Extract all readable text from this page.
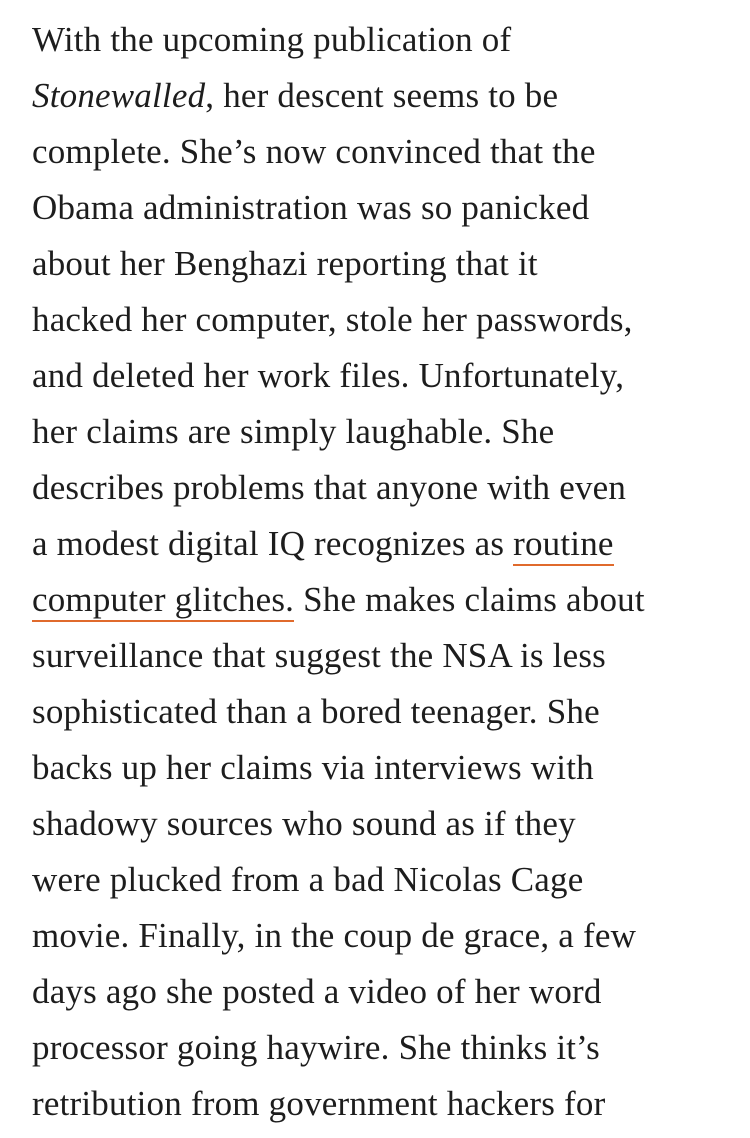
With the upcoming publication of
Stonewalled, her descent seems to be
complete. She’s now convinced that the
Obama administration was so panicked
about her Benghazi reporting that it
hacked her computer, stole her passwords,
and deleted her work files. Unfortunately,
her claims are simply laughable. She
describes problems that anyone with even
a modest digital IQ recognizes as routine
computer glitches. She makes claims about
surveillance that suggest the NSA is less
sophisticated than a bored teenager. She
backs up her claims via interviews with
shadowy sources who sound as if they
were plucked from a bad Nicolas Cage
movie. Finally, in the coup de grace, a few
days ago she posted a video of her word
processor going haywire. She thinks it’s
retribution from government hackers for
